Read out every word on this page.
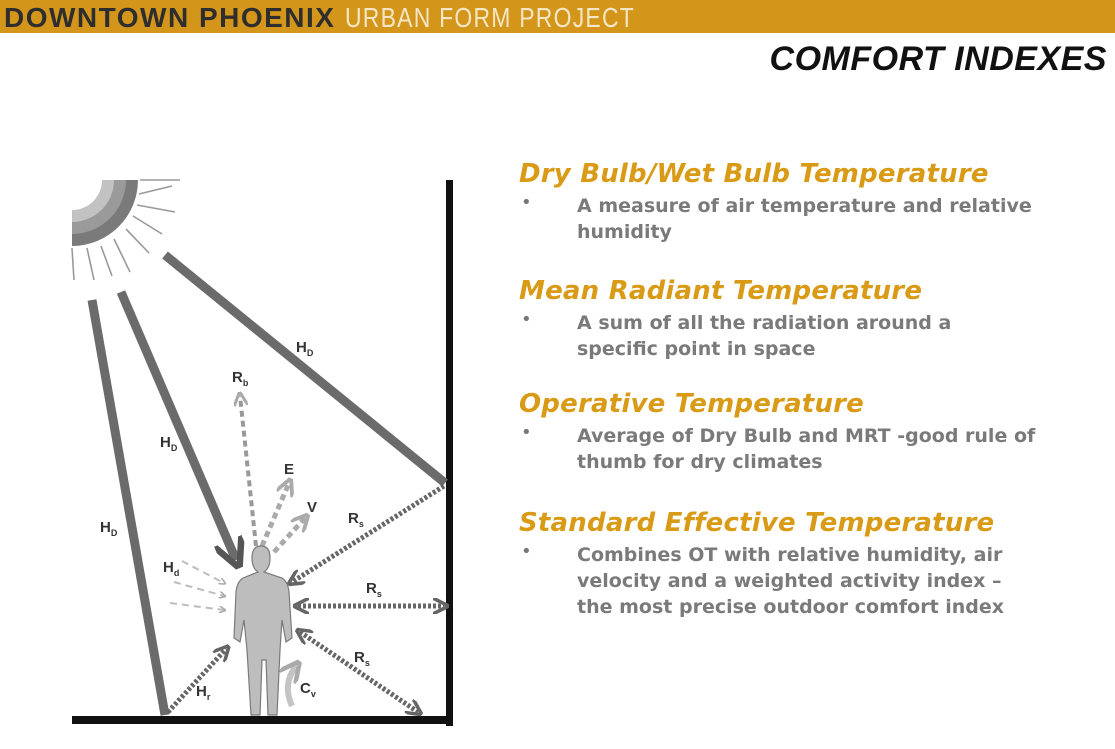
DOWNTOWN PHOENIX URBAN FORM PROJECT
COMFORT INDEXES
$H_D$
$H_D$
$H_D$
$H_d$
$R_b$
E
V
$R_s$
$R_s$
$R_s$
$H_r$	$C_v$
Dry Bulb/Wet Bulb Temperature
• A measure of air temperature and relative humidity
Mean Radiant Temperature
• A sum of all the radiation around a specific point in space
Operative Temperature
• Average of Dry Bulb and MRT -good rule of thumb for dry climates
Standard Effective Temperature
• Combines OT with relative humidity, air velocity and a weighted activity index – the most precise outdoor comfort index
